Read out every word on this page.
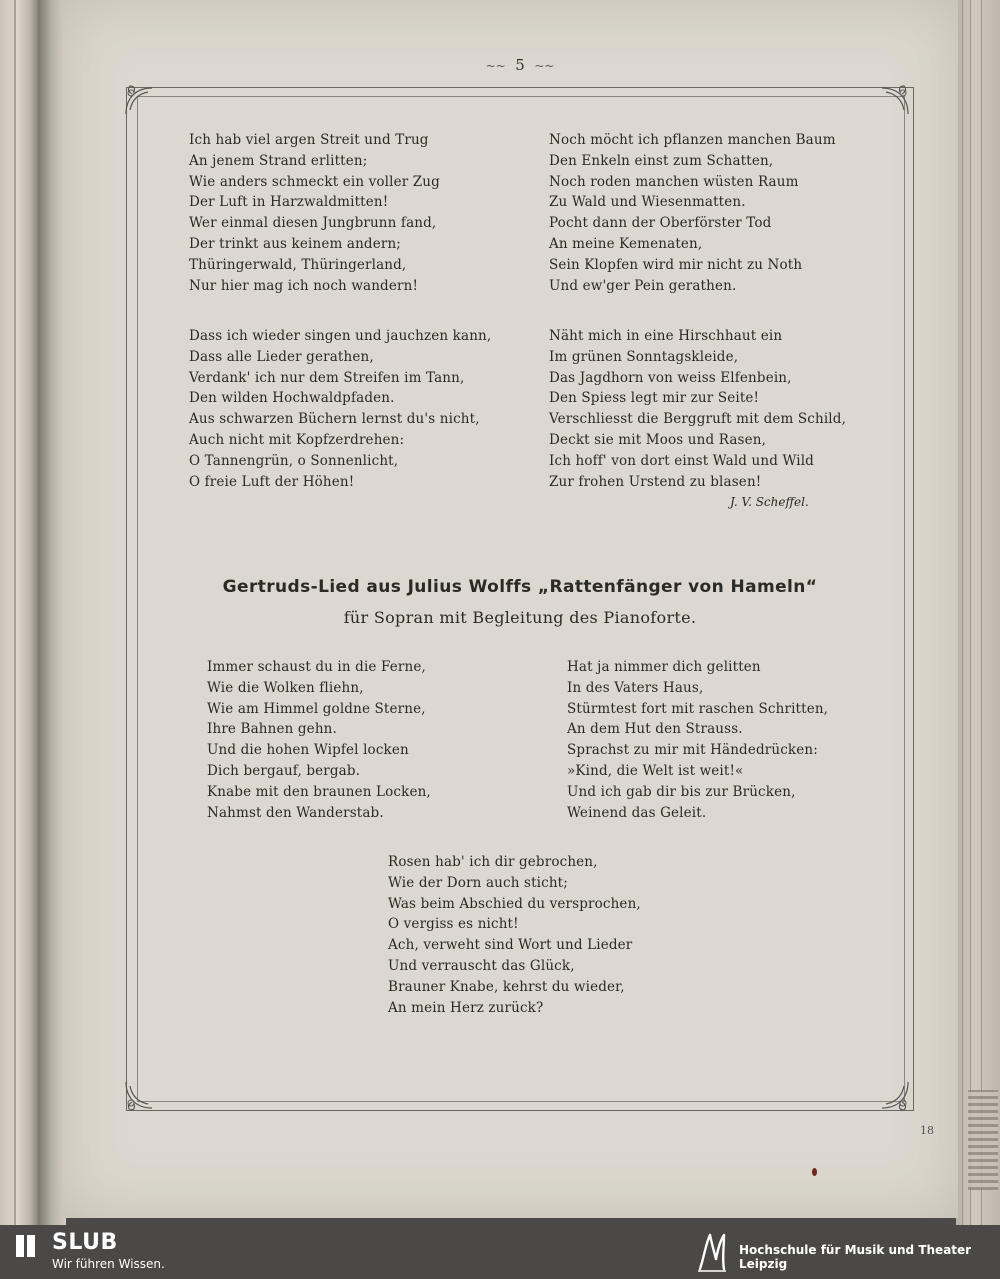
18
~~ 5 ~~
Ich hab viel argen Streit und Trug
An jenem Strand erlitten;
Wie anders schmeckt ein voller Zug
Der Luft in Harzwaldmitten!
Wer einmal diesen Jungbrunn fand,
Der trinkt aus keinem andern;
Thüringerwald, Thüringerland,
Nur hier mag ich noch wandern!
Noch möcht ich pflanzen manchen Baum
Den Enkeln einst zum Schatten,
Noch roden manchen wüsten Raum
Zu Wald und Wiesenmatten.
Pocht dann der Oberförster Tod
An meine Kemenaten,
Sein Klopfen wird mir nicht zu Noth
Und ew'ger Pein gerathen.
Dass ich wieder singen und jauchzen kann,
Dass alle Lieder gerathen,
Verdank' ich nur dem Streifen im Tann,
Den wilden Hochwaldpfaden.
Aus schwarzen Büchern lernst du's nicht,
Auch nicht mit Kopfzerdrehen:
O Tannengrün, o Sonnenlicht,
O freie Luft der Höhen!
Näht mich in eine Hirschhaut ein
Im grünen Sonntagskleide,
Das Jagdhorn von weiss Elfenbein,
Den Spiess legt mir zur Seite!
Verschliesst die Berggruft mit dem Schild,
Deckt sie mit Moos und Rasen,
Ich hoff' von dort einst Wald und Wild
Zur frohen Urstend zu blasen!
J. V. Scheffel.
Gertruds-Lied aus Julius Wolffs „Rattenfänger von Hameln“
für Sopran mit Begleitung des Pianoforte.
Immer schaust du in die Ferne,
Wie die Wolken fliehn,
Wie am Himmel goldne Sterne,
Ihre Bahnen gehn.
Und die hohen Wipfel locken
Dich bergauf, bergab.
Knabe mit den braunen Locken,
Nahmst den Wanderstab.
Hat ja nimmer dich gelitten
In des Vaters Haus,
Stürmtest fort mit raschen Schritten,
An dem Hut den Strauss.
Sprachst zu mir mit Händedrücken:
»Kind, die Welt ist weit!«
Und ich gab dir bis zur Brücken,
Weinend das Geleit.
Rosen hab' ich dir gebrochen,
Wie der Dorn auch sticht;
Was beim Abschied du versprochen,
O vergiss es nicht!
Ach, verweht sind Wort und Lieder
Und verrauscht das Glück,
Brauner Knabe, kehrst du wieder,
An mein Herz zurück?
SLUB
Wir führen Wissen.
Hochschule für Musik und Theater Leipzig
